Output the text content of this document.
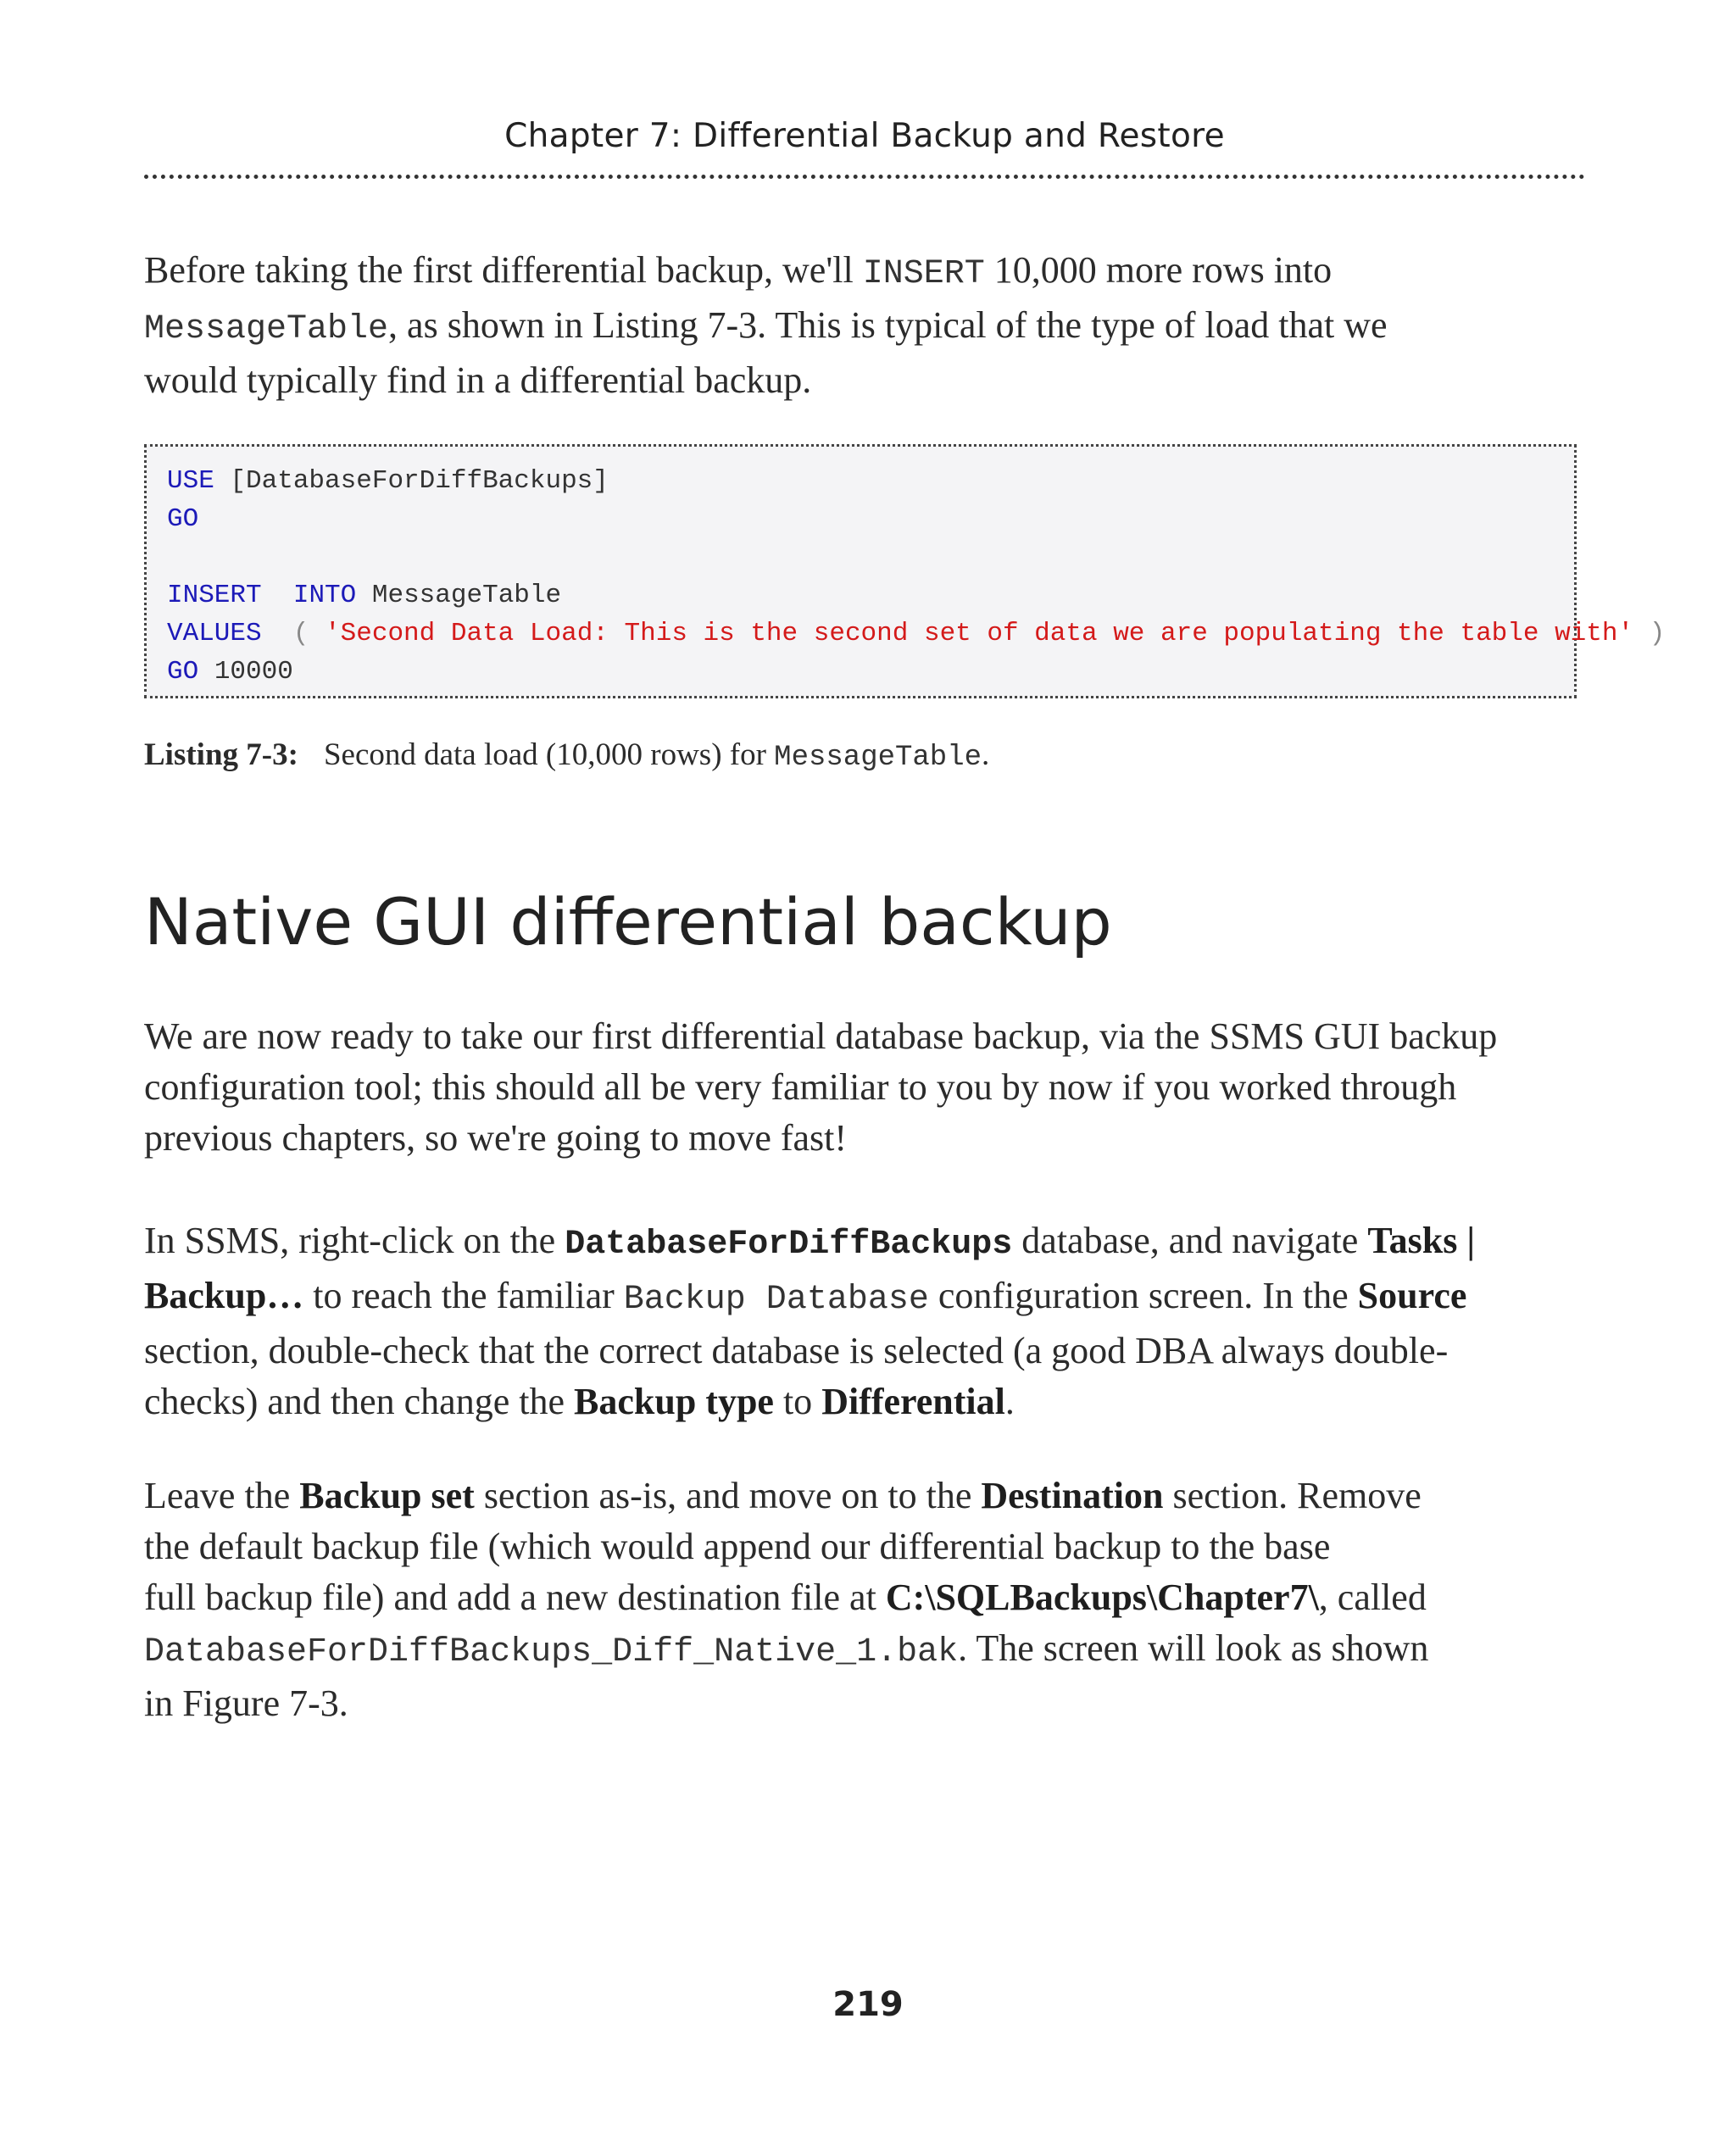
Chapter 7: Differential Backup and Restore

Before taking the first differential backup, we'll INSERT 10,000 more rows into
MessageTable, as shown in Listing 7-3. This is typical of the type of load that we
would typically find in a differential backup.

USE [DatabaseForDiffBackups]
GO
INSERT INTO MessageTable
VALUES  ( 'Second Data Load: This is the second set of data we are populating the table with' )
GO 10000
Listing 7-3: Second data load (10,000 rows) for MessageTable.
Native GUI differential backup

We are now ready to take our first differential database backup, via the SSMS GUI backup
configuration tool; this should all be very familiar to you by now if you worked through
previous chapters, so we're going to move fast!

In SSMS, right-click on the DatabaseForDiffBackups database, and navigate Tasks |
Backup… to reach the familiar Backup Database configuration screen. In the Source
section, double-check that the correct database is selected (a good DBA always double-
checks) and then change the Backup type to Differential.

Leave the Backup set section as-is, and move on to the Destination section. Remove
the default backup file (which would append our differential backup to the base
full backup file) and add a new destination file at C:\SQLBackups\Chapter7\, called
DatabaseForDiffBackups_Diff_Native_1.bak. The screen will look as shown
in Figure 7-3.

219
